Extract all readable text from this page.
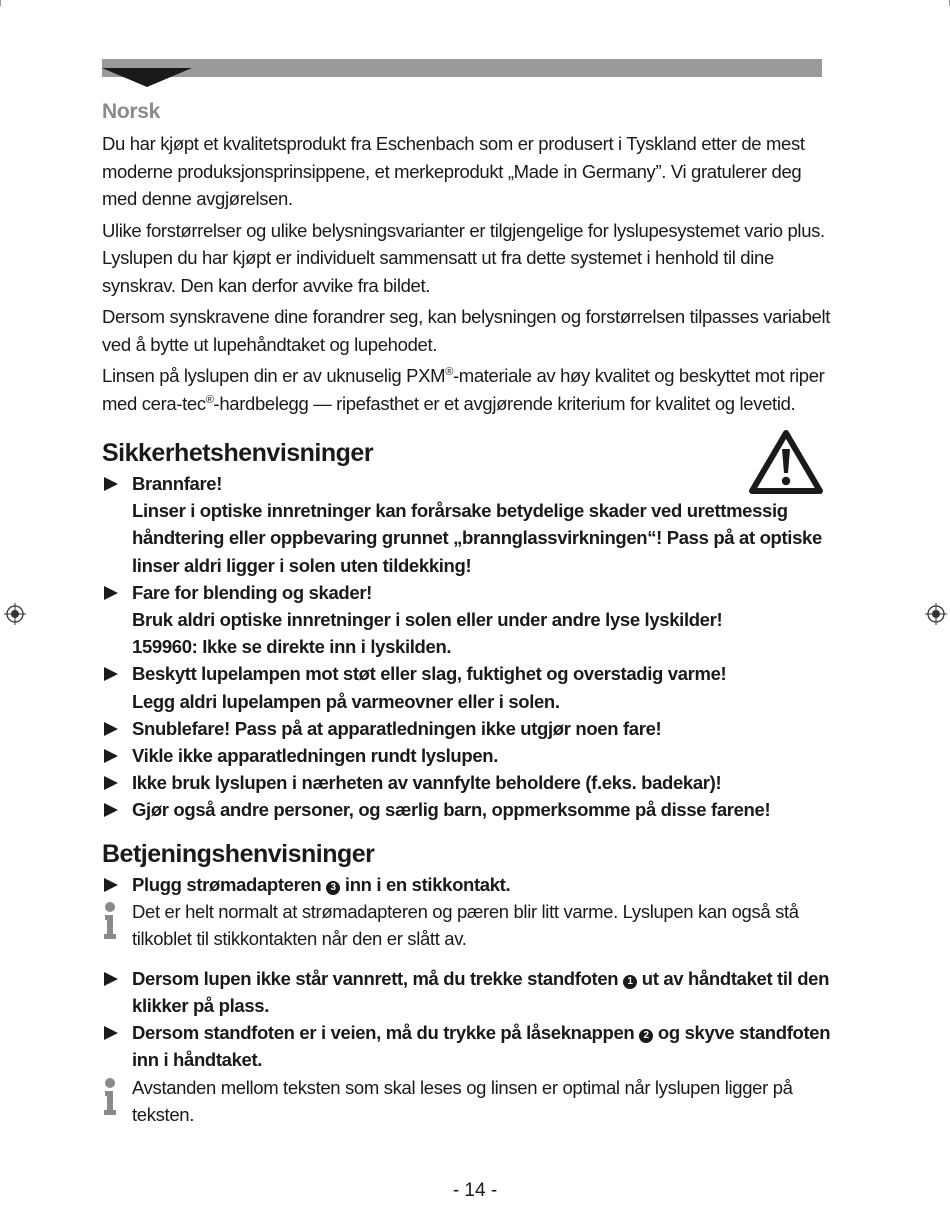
Norsk

Du har kjøpt et kvalitetsprodukt fra Eschenbach som er produsert i Tyskland etter de mest moderne produksjonsprinsippene, et merkeprodukt „Made in Germany”. Vi gratulerer deg med denne avgjørelsen.

Ulike forstørrelser og ulike belysningsvarianter er tilgjengelige for lyslupesystemet vario plus. Lyslupen du har kjøpt er individuelt sammensatt ut fra dette systemet i henhold til dine synskrav. Den kan derfor avvike fra bildet.

Dersom synskravene dine forandrer seg, kan belysningen og forstørrelsen tilpasses variabelt ved å bytte ut lupehåndtaket og lupehodet.

Linsen på lyslupen din er av uknuselig PXM®-materiale av høy kvalitet og beskyttet mot riper med cera-tec®-hardbelegg — ripefasthet er et avgjørende kriterium for kvalitet og levetid.

Sikkerhetshenvisninger
Brannfare!
Linser i optiske innretninger kan forårsake betydelige skader ved urettmessig håndtering eller oppbevaring grunnet „brannglassvirkningen“! Pass på at optiske linser aldri ligger i solen uten tildekking!
Fare for blending og skader!
Bruk aldri optiske innretninger i solen eller under andre lyse lyskilder!
159960: Ikke se direkte inn i lyskilden.
Beskytt lupelampen mot støt eller slag, fuktighet og overstadig varme!
Legg aldri lupelampen på varmeovner eller i solen.
Snublefare! Pass på at apparatledningen ikke utgjør noen fare!
Vikle ikke apparatledningen rundt lyslupen.
Ikke bruk lyslupen i nærheten av vannfylte beholdere (f.eks. badekar)!
Gjør også andre personer, og særlig barn, oppmerksomme på disse farene!
Betjeningshenvisninger
Plugg strømadapteren 3 inn i en stikkontakt.
Det er helt normalt at strømadapteren og pæren blir litt varme. Lyslupen kan også stå tilkoblet til stikkontakten når den er slått av.
Dersom lupen ikke står vannrett, må du trekke standfoten 1 ut av håndtaket til den klikker på plass.
Dersom standfoten er i veien, må du trykke på låseknappen 2 og skyve standfoten inn i håndtaket.
Avstanden mellom teksten som skal leses og linsen er optimal når lyslupen ligger på teksten.
- 14 -
